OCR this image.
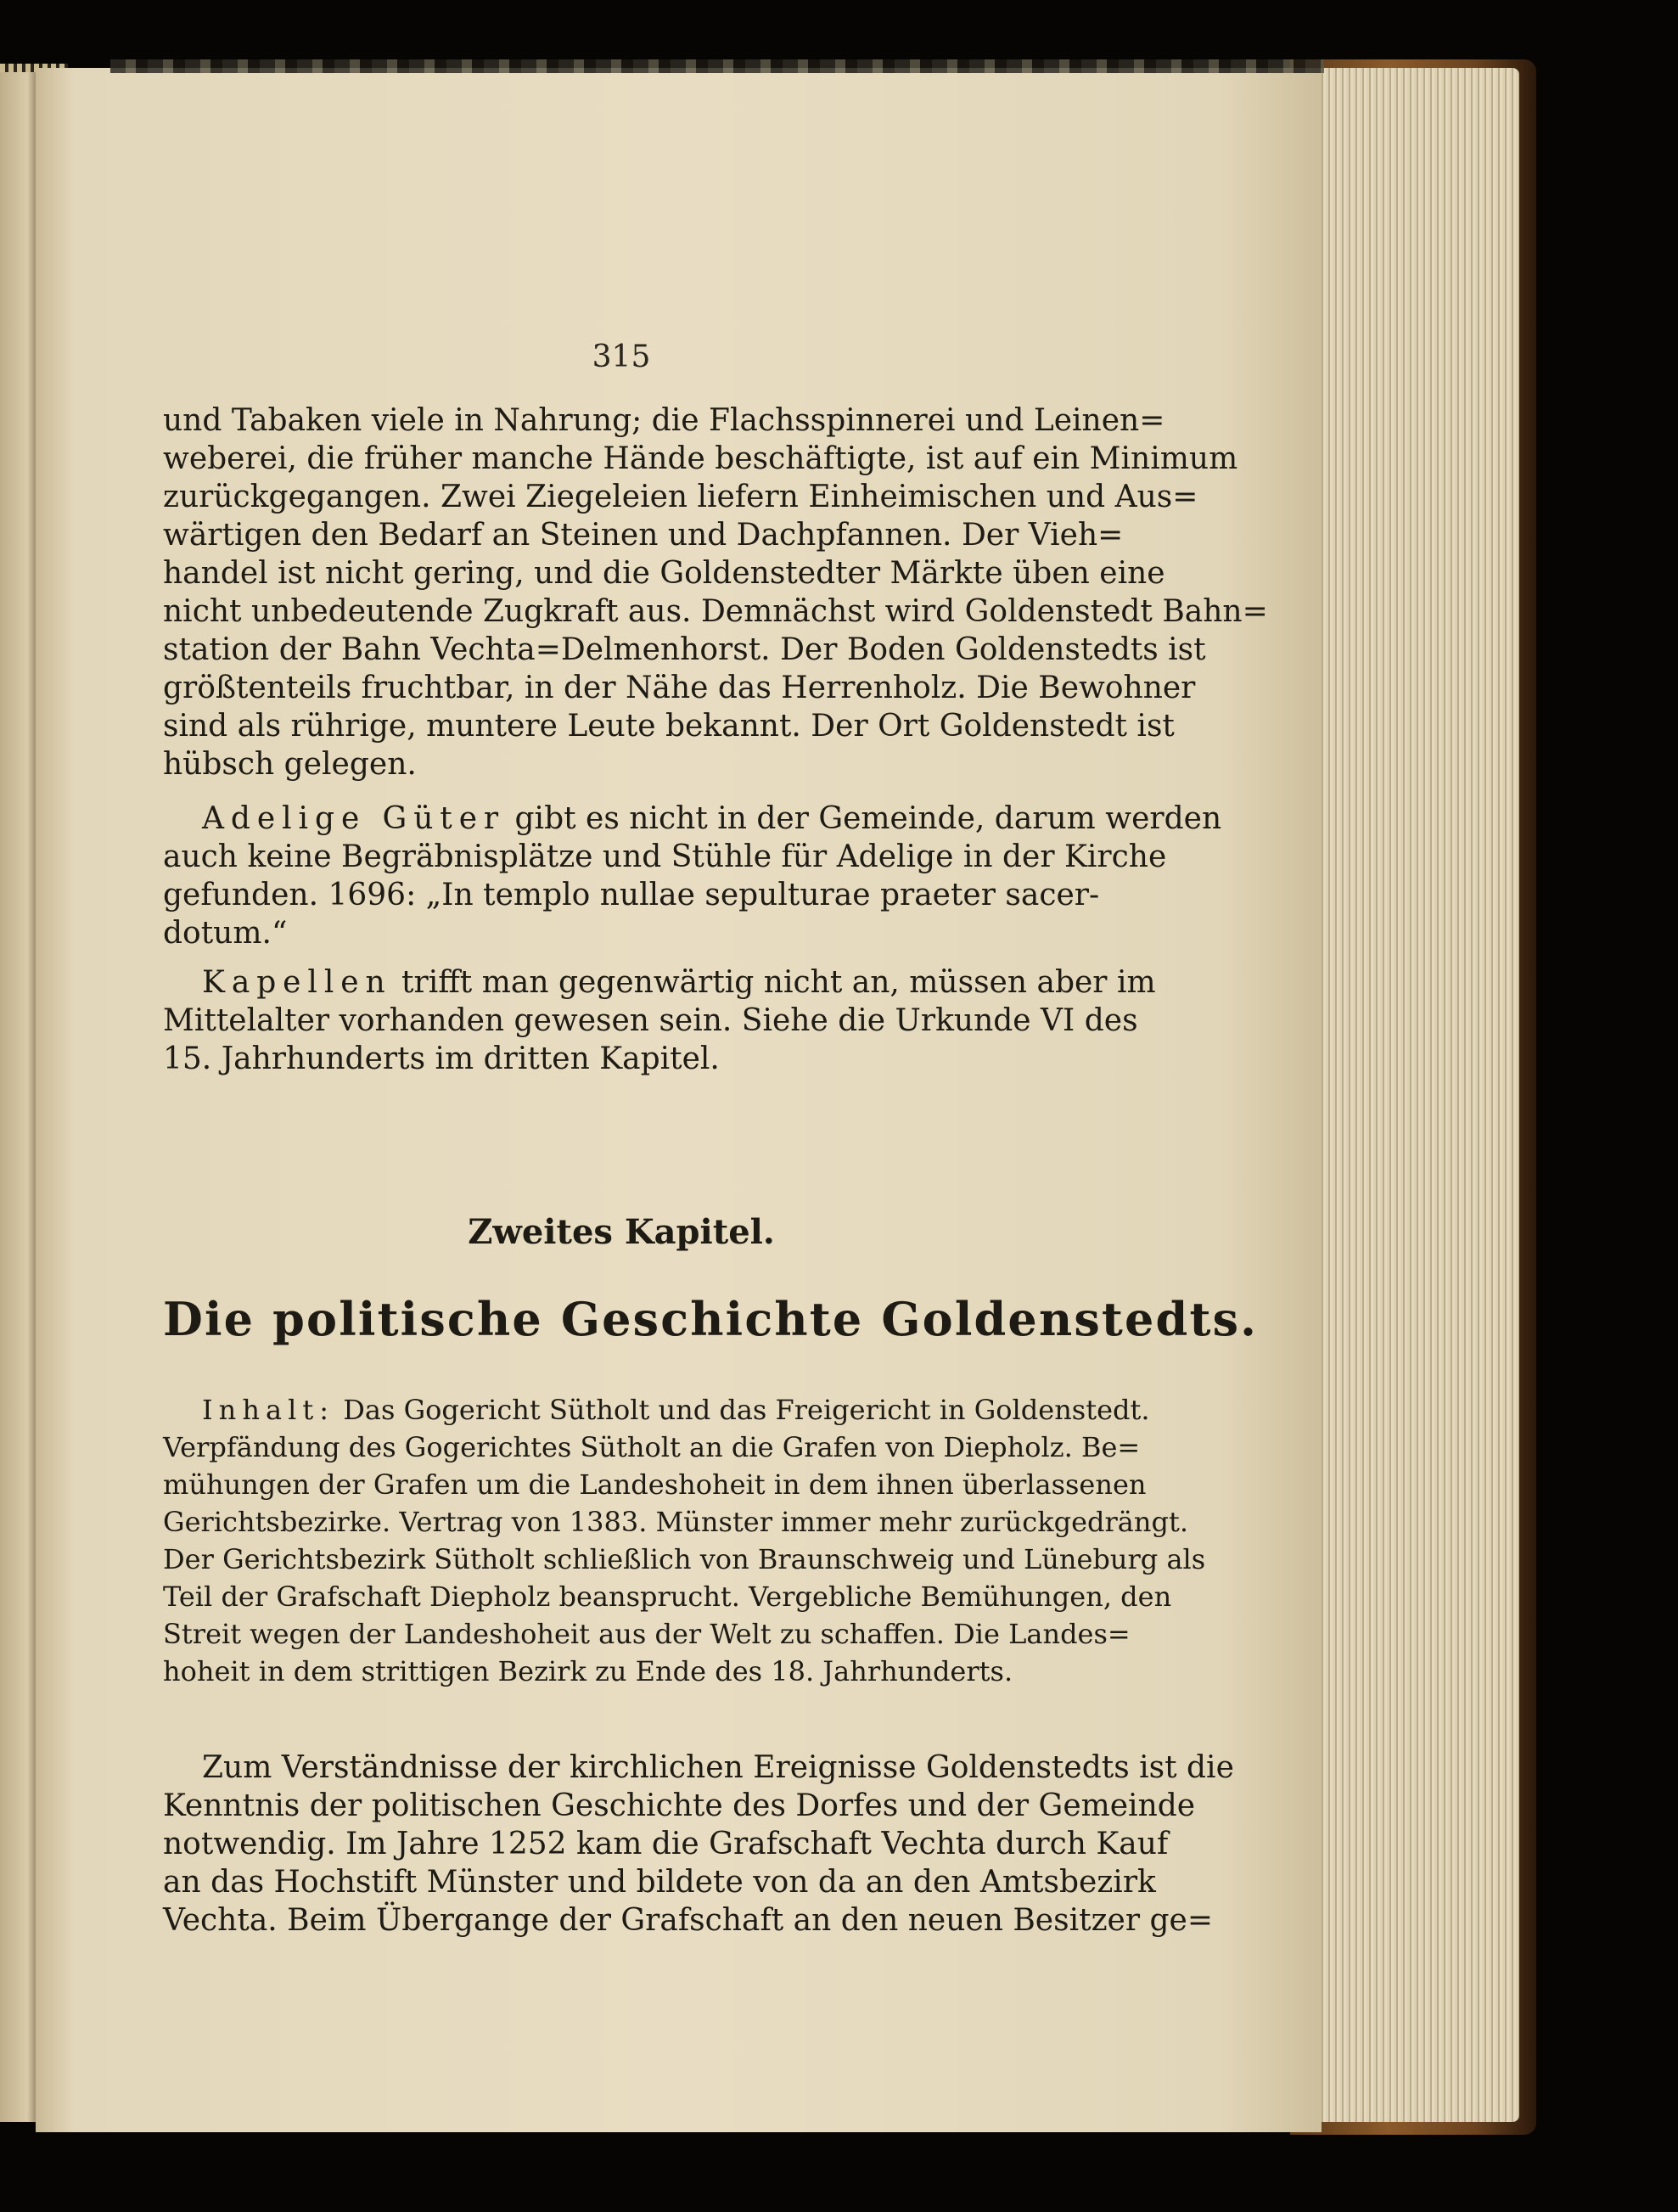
315
und Tabaken viele in Nahrung; die Flachsspinnerei und Leinen=
weberei, die früher manche Hände beschäftigte, ist auf ein Minimum
zurückgegangen. Zwei Ziegeleien liefern Einheimischen und Aus=
wärtigen den Bedarf an Steinen und Dachpfannen. Der Vieh=
handel ist nicht gering, und die Goldenstedter Märkte üben eine
nicht unbedeutende Zugkraft aus. Demnächst wird Goldenstedt Bahn=
station der Bahn Vechta=Delmenhorst. Der Boden Goldenstedts ist
größtenteils fruchtbar, in der Nähe das Herrenholz. Die Bewohner
sind als rührige, muntere Leute bekannt. Der Ort Goldenstedt ist
hübsch gelegen.
Adelige Güter gibt es nicht in der Gemeinde, darum werden
auch keine Begräbnisplätze und Stühle für Adelige in der Kirche
gefunden. 1696: „In templo nullae sepulturae praeter sacer-
dotum.“
Kapellen trifft man gegenwärtig nicht an, müssen aber im
Mittelalter vorhanden gewesen sein. Siehe die Urkunde VI des
15. Jahrhunderts im dritten Kapitel.
Zweites Kapitel.
Die politische Geschichte Goldenstedts.
Inhalt: Das Gogericht Sütholt und das Freigericht in Goldenstedt.
Verpfändung des Gogerichtes Sütholt an die Grafen von Diepholz. Be=
mühungen der Grafen um die Landeshoheit in dem ihnen überlassenen
Gerichtsbezirke. Vertrag von 1383. Münster immer mehr zurückgedrängt.
Der Gerichtsbezirk Sütholt schließlich von Braunschweig und Lüneburg als
Teil der Grafschaft Diepholz beansprucht. Vergebliche Bemühungen, den
Streit wegen der Landeshoheit aus der Welt zu schaffen. Die Landes=
hoheit in dem strittigen Bezirk zu Ende des 18. Jahrhunderts.
Zum Verständnisse der kirchlichen Ereignisse Goldenstedts ist die
Kenntnis der politischen Geschichte des Dorfes und der Gemeinde
notwendig. Im Jahre 1252 kam die Grafschaft Vechta durch Kauf
an das Hochstift Münster und bildete von da an den Amtsbezirk
Vechta. Beim Übergange der Grafschaft an den neuen Besitzer ge=
